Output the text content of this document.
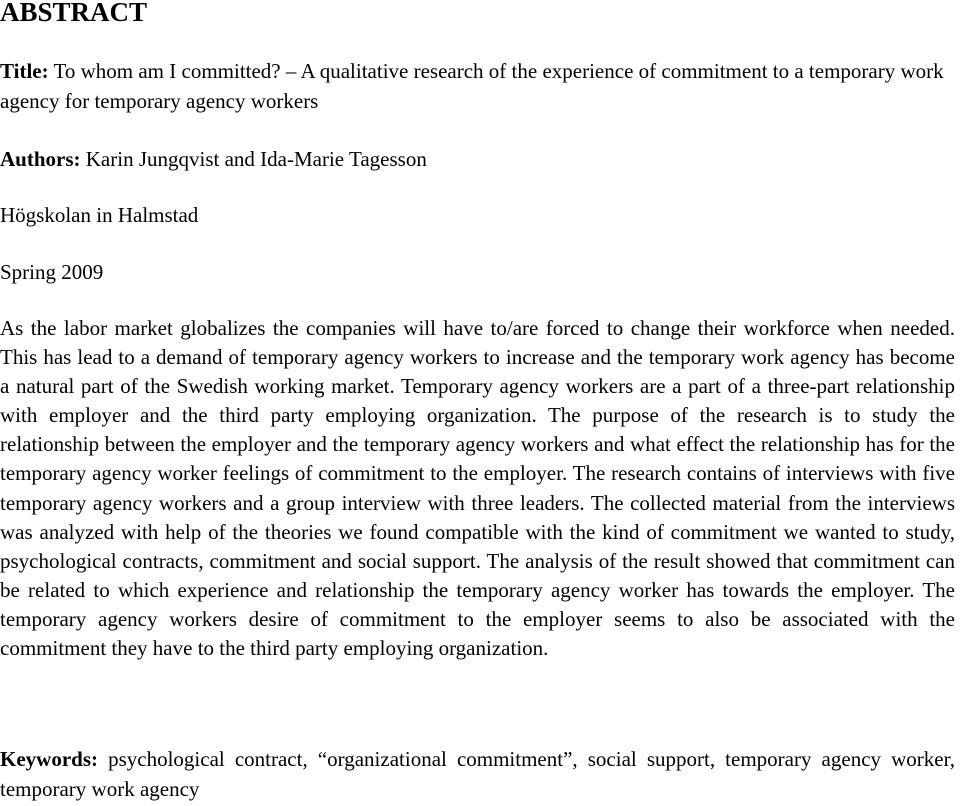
ABSTRACT

Title: To whom am I committed? – A qualitative research of the experience of commitment to a temporary work agency for temporary agency workers

Authors: Karin Jungqvist and Ida-Marie Tagesson

Högskolan in Halmstad

Spring 2009

As the labor market globalizes the companies will have to/are forced to change their workforce when needed. This has lead to a demand of temporary agency workers to increase and the temporary work agency has become a natural part of the Swedish working market. Temporary agency workers are a part of a three-part relationship with employer and the third party employing organization. The purpose of the research is to study the relationship between the employer and the temporary agency workers and what effect the relationship has for the temporary agency worker feelings of commitment to the employer. The research contains of interviews with five temporary agency workers and a group interview with three leaders. The collected material from the interviews was analyzed with help of the theories we found compatible with the kind of commitment we wanted to study, psychological contracts, commitment and social support. The analysis of the result showed that commitment can be related to which experience and relationship the temporary agency worker has towards the employer. The temporary agency workers desire of commitment to the employer seems to also be associated with the commitment they have to the third party employing organization.

Keywords: psychological contract, “organizational commitment”, social support, temporary agency worker, temporary work agency
